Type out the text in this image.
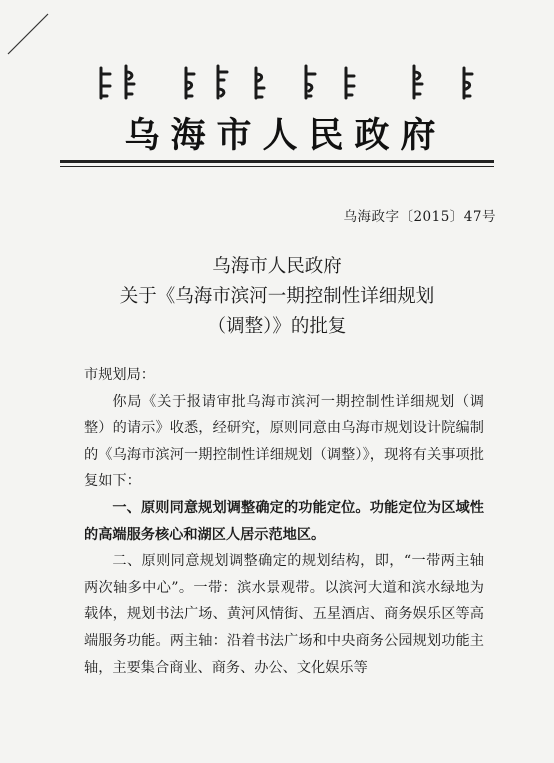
乌海市人民政府
乌海政字〔2015〕47号
乌海市人民政府
关于《乌海市滨河一期控制性详细规划
（调整）》的批复

市规划局：

你局《关于报请审批乌海市滨河一期控制性详细规划（调整）的请示》收悉，经研究，原则同意由乌海市规划设计院编制的《乌海市滨河一期控制性详细规划（调整）》，现将有关事项批复如下：

一、原则同意规划调整确定的功能定位。功能定位为区域性的高端服务核心和湖区人居示范地区。

二、原则同意规划调整确定的规划结构，即，“一带两主轴两次轴多中心”。一带：滨水景观带。以滨河大道和滨水绿地为载体，规划书法广场、黄河风情街、五星酒店、商务娱乐区等高端服务功能。两主轴：沿着书法广场和中央商务公园规划功能主轴，主要集合商业、商务、办公、文化娱乐等
